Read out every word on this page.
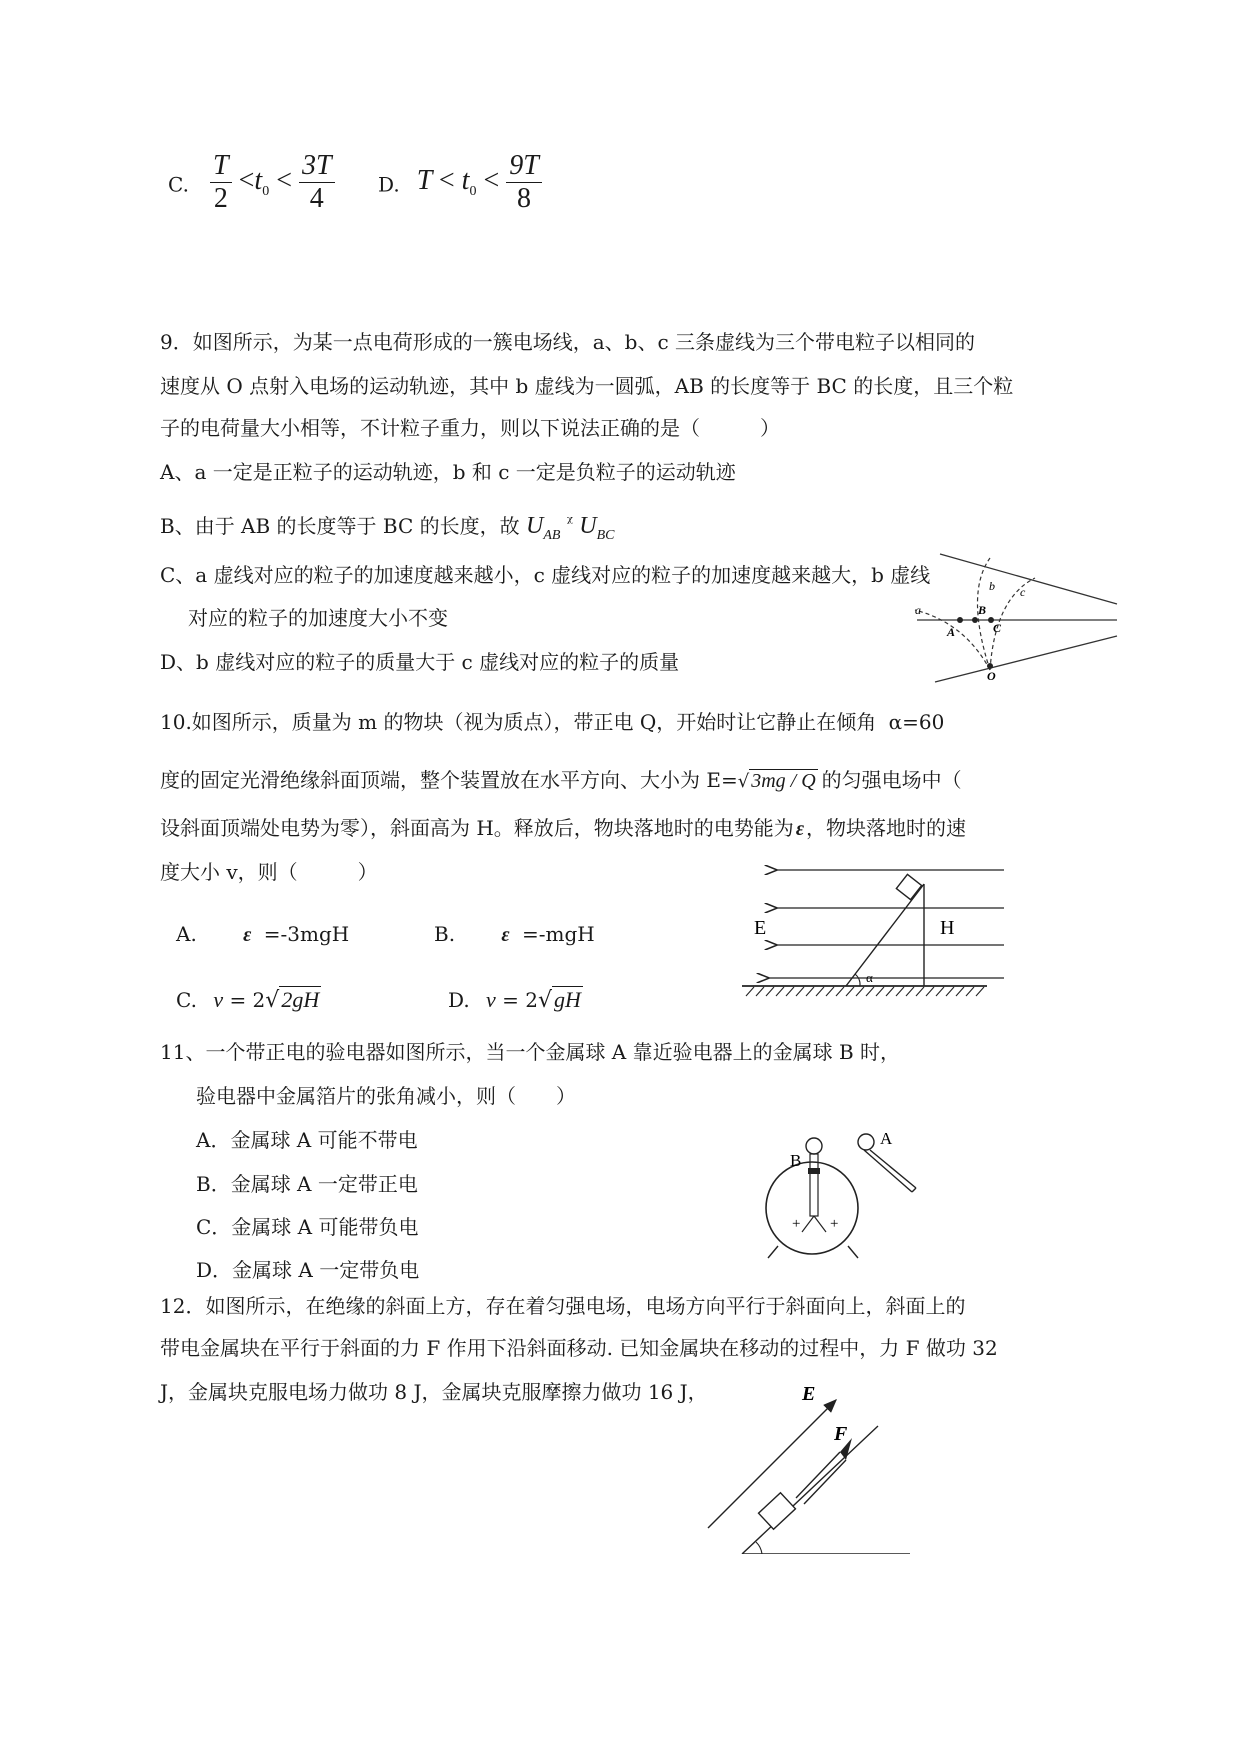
C. $\frac{T}{2} <t_0 < \frac{3T}{4} D$. $T < t_0 < \frac{9T}{8}$
9．如图所示，为某一点电荷形成的一簇电场线，a、b、c 三条虚线为三个带电粒子以相同的
速度从 O 点射入电场的运动轨迹，其中 b 虚线为一圆弧，AB 的长度等于 BC 的长度，且三个粒
子的电荷量大小相等，不计粒子重力，则以下说法正确的是（　　　）
A、a 一定是正粒子的运动轨迹，b 和 c 一定是负粒子的运动轨迹
B、由于 AB 的长度等于 BC 的长度，故 $U_{AB}$ $^ᵡ$ $U_{BC}$
C、a 虚线对应的粒子的加速度越来越小，c 虚线对应的粒子的加速度越来越大，b 虚线
对应的粒子的加速度大小不变
D、b 虚线对应的粒子的质量大于 c 虚线对应的粒子的质量
a
b c
A
B
C
O
10.如图所示，质量为 m 的物块（视为质点），带正电 Q，开始时让它静止在倾角 α=60
度的固定光滑绝缘斜面顶端，整个装置放在水平方向、大小为 E=√ 3mg / Q 的匀强电场中（
设斜面顶端处电势为零），斜面高为 H。释放后，物块落地时的电势能为 ε ，物块落地时的速
度大小 v，则（　　　）
A. ε =-3mgH	B. ε =-mgH
C. v = 2√2gH	D. v = 2√gH
α
E	H
11、一个带正电的验电器如图所示，当一个金属球 A 靠近验电器上的金属球 B 时，
验电器中金属箔片的张角减小，则（　　）
A．金属球 A 可能不带电
B．金属球 A 一定带正电
C．金属球 A 可能带负电
D．金属球 A 一定带负电
A
B
+ +
12．如图所示，在绝缘的斜面上方，存在着匀强电场，电场方向平行于斜面向上，斜面上的
带电金属块在平行于斜面的力 F 作用下沿斜面移动. 已知金属块在移动的过程中，力 F 做功 32
J，金属块克服电场力做功 8 J，金属块克服摩擦力做功 16 J，	E
F
